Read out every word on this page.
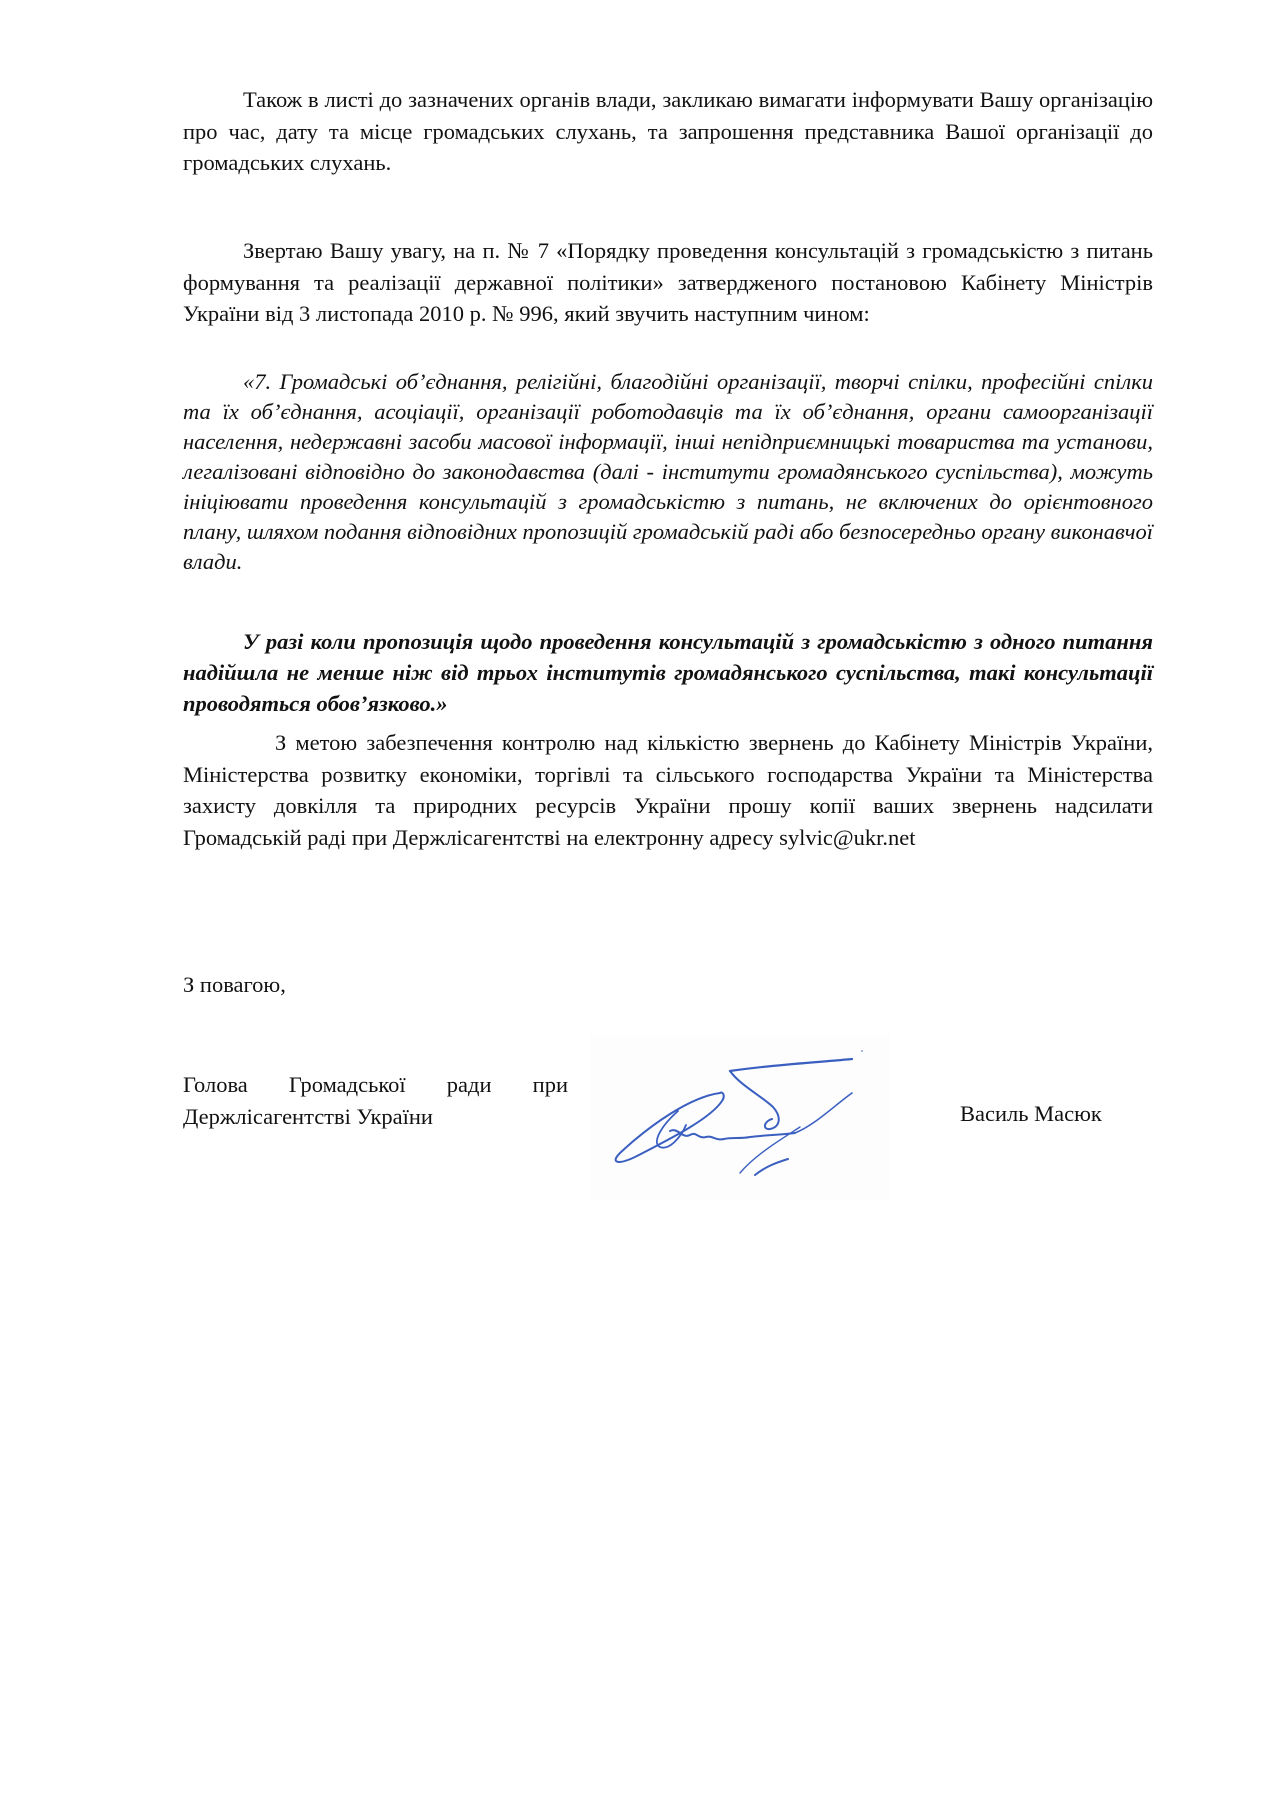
Також в листі до зазначених органів влади, закликаю вимагати інформувати Вашу організацію про час, дату та місце громадських слухань, та запрошення представника Вашої організації до громадських слухань.

Звертаю Вашу увагу, на п. № 7 «Порядку проведення консультацій з громадськістю з питань формування та реалізації державної політики» затвердженого постановою Кабінету Міністрів України від 3 листопада 2010 р. № 996, який звучить наступним чином:

«7. Громадські об’єднання, релігійні, благодійні організації, творчі спілки, професійні спілки та їх об’єднання, асоціації, організації роботодавців та їх об’єднання, органи самоорганізації населення, недержавні засоби масової інформації, інші непідприємницькі товариства та установи, легалізовані відповідно до законодавства (далі - інститути громадянського суспільства), можуть ініціювати проведення консультацій з громадськістю з питань, не включених до орієнтовного плану, шляхом подання відповідних пропозицій громадській раді або безпосередньо органу виконавчої влади.

У разі коли пропозиція щодо проведення консультацій з громадськістю з одного питання надійшла не менше ніж від трьох інститутів громадянського суспільства, такі консультації проводяться обов’язково.»

З метою забезпечення контролю над кількістю звернень до Кабінету Міністрів України, Міністерства розвитку економіки, торгівлі та сільського господарства України та Міністерства захисту довкілля та природних ресурсів України прошу копії ваших звернень надсилати Громадській раді при Держлісагентстві на електронну адресу sylvic@ukr.net

З повагою,

Голова Громадської ради при
Держлісагентстві України	Василь Масюк
